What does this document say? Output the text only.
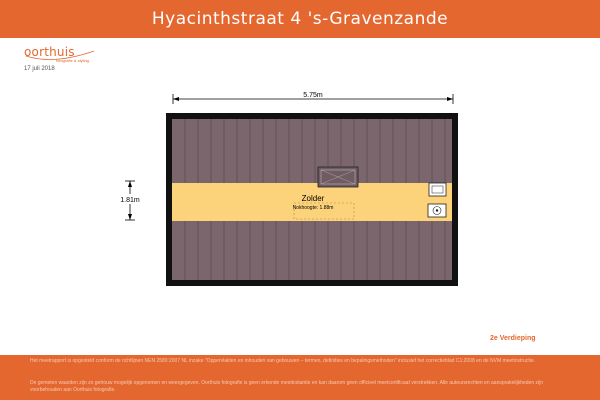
Hyacinthstraat 4 's-Gravenzande
oorthuis
fotografie & styling
17 juli 2018
5.75m
1.81m	Zolder
Nokhoogte: 1.88m
2e Verdieping

Het meetrapport is opgesteld conform de richtlijnen NEN 2580:2007 NL inzake "Oppervlakten en inhouden van gebouwen – termen, definities en bepalingsmethoden" inclusief het correctieblad C1:2008 en de NVM meetinstructie.

De gemeten waarden zijn zo getrouw mogelijk opgenomen en weergegeven. Oorthuis fotografie is geen erkende meetinstantie en kan daarom geen officieel meetcertificaat verstrekken. Alle auteursrechten en aansprakelijkheden zijn voorbehouden aan Oorthuis fotografie.
